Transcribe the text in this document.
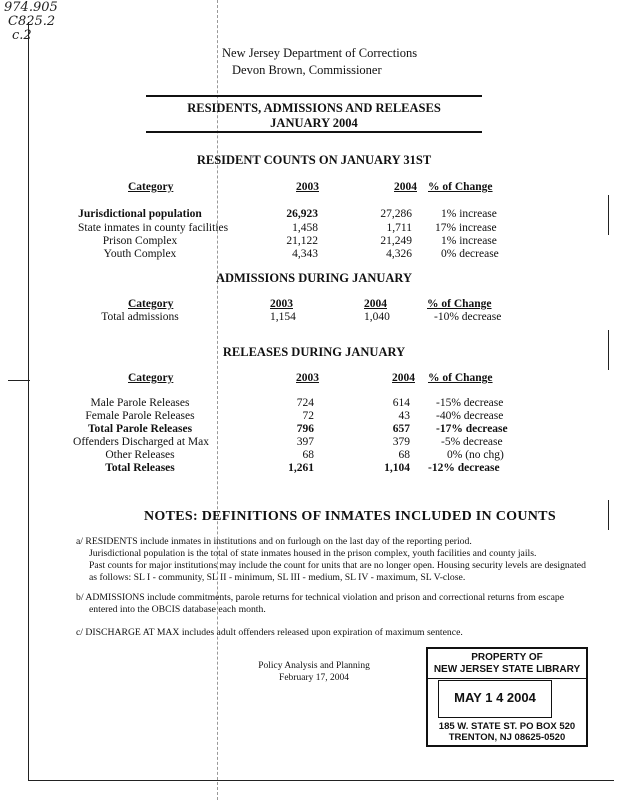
974.905
C825.2
c.2
New Jersey Department of Corrections
Devon Brown, Commissioner
RESIDENTS, ADMISSIONS AND RELEASES
JANUARY 2004
RESIDENT COUNTS ON JANUARY 31ST
Category	2003	2004 % of Change
Jurisdictional population	26,923	27,286	1% increase
State inmates in county facilities	1,458	1,711 17% increase
Prison Complex	21,122	21,249	1% increase
Youth Complex	4,343	4,326	0% decrease
ADMISSIONS DURING JANUARY
Category	2003	2004	% of Change
Total admissions	1,154	1,040	-10% decrease
RELEASES DURING JANUARY
Category	2003	2004 % of Change
Male Parole Releases	724	614 -15% decrease
Female Parole Releases	72	43 -40% decrease
Total Parole Releases	796	657 -17% decrease
Offenders Discharged at Max	397	379	-5% decrease
Other Releases	68	68	0% (no chg)
Total Releases	1,261	1,104 -12% decrease
NOTES: DEFINITIONS OF INMATES INCLUDED IN COUNTS
a/ RESIDENTS include inmates in institutions and on furlough on the last day of the reporting period.
Jurisdictional population is the total of state inmates housed in the prison complex, youth facilities and county jails.
Past counts for major institutions may include the count for units that are no longer open. Housing security levels are designated
as follows: SL I - community, SL II - minimum, SL III - medium, SL IV - maximum, SL V-close.
b/ ADMISSIONS include commitments, parole returns for technical violation and prison and correctional returns from escape
entered into the OBCIS database each month.
c/ DISCHARGE AT MAX includes adult offenders released upon expiration of maximum sentence.
Policy Analysis and Planning
February 17, 2004
PROPERTY OF
NEW JERSEY STATE LIBRARY
MAY 1 4 2004
185 W. STATE ST. PO BOX 520
TRENTON, NJ 08625-0520
